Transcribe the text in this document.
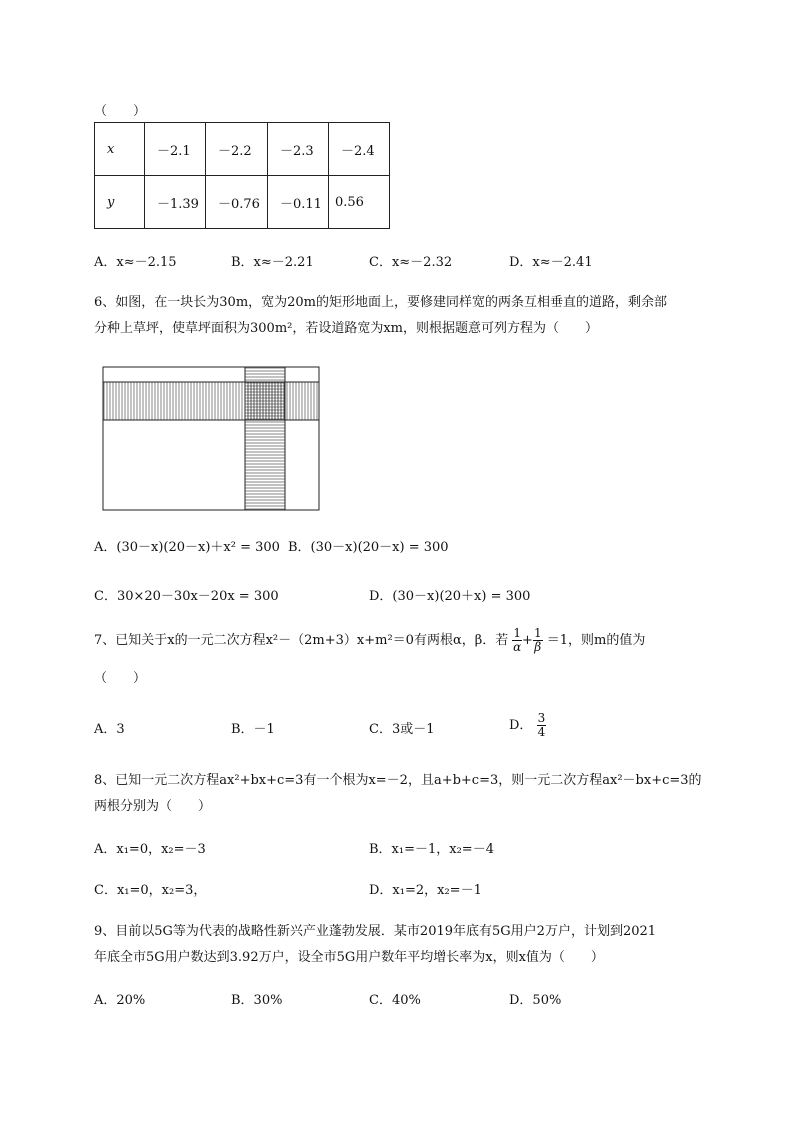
（　　）
x	－2.1	－2.2	－2.3	－2.4
y	－1.39	－0.76	－0.11	0.56
A．x≈－2.15	B．x≈－2.21	C．x≈－2.32	D．x≈－2.41
6、如图，在一块长为30m，宽为20m的矩形地面上，要修建同样宽的两条互相垂直的道路，剩余部
分种上草坪，使草坪面积为300m²，若设道路宽为xm，则根据题意可列方程为（　　）
A．(30－x)(20－x)＋x² = 300 B．(30－x)(20－x) = 300
C．30×20－30x－20x = 300	D．(30－x)(20＋x) = 300
7、已知关于x的一元二次方程x²－（2m+3）x+m²＝0有两根α，β．若 $\frac{1}{\alpha} + \frac{1}{\beta} =1$，则m的值为
（　　）
A．3	B．－1	C．3或－1	D． $\frac{3}{4}$
8、已知一元二次方程ax²+bx+c=3有一个根为x=－2，且a+b+c=3，则一元二次方程ax²－bx+c=3的
两根分别为（　　）
A．x₁=0，x₂=－3	B．x₁=－1，x₂=－4
C．x₁=0，x₂=3，	D．x₁=2，x₂=－1
9、目前以5G等为代表的战略性新兴产业蓬勃发展．某市2019年底有5G用户2万户，计划到2021
年底全市5G用户数达到3.92万户，设全市5G用户数年平均增长率为x，则x值为（　　）
A．20%	B．30%	C．40%	D．50%
